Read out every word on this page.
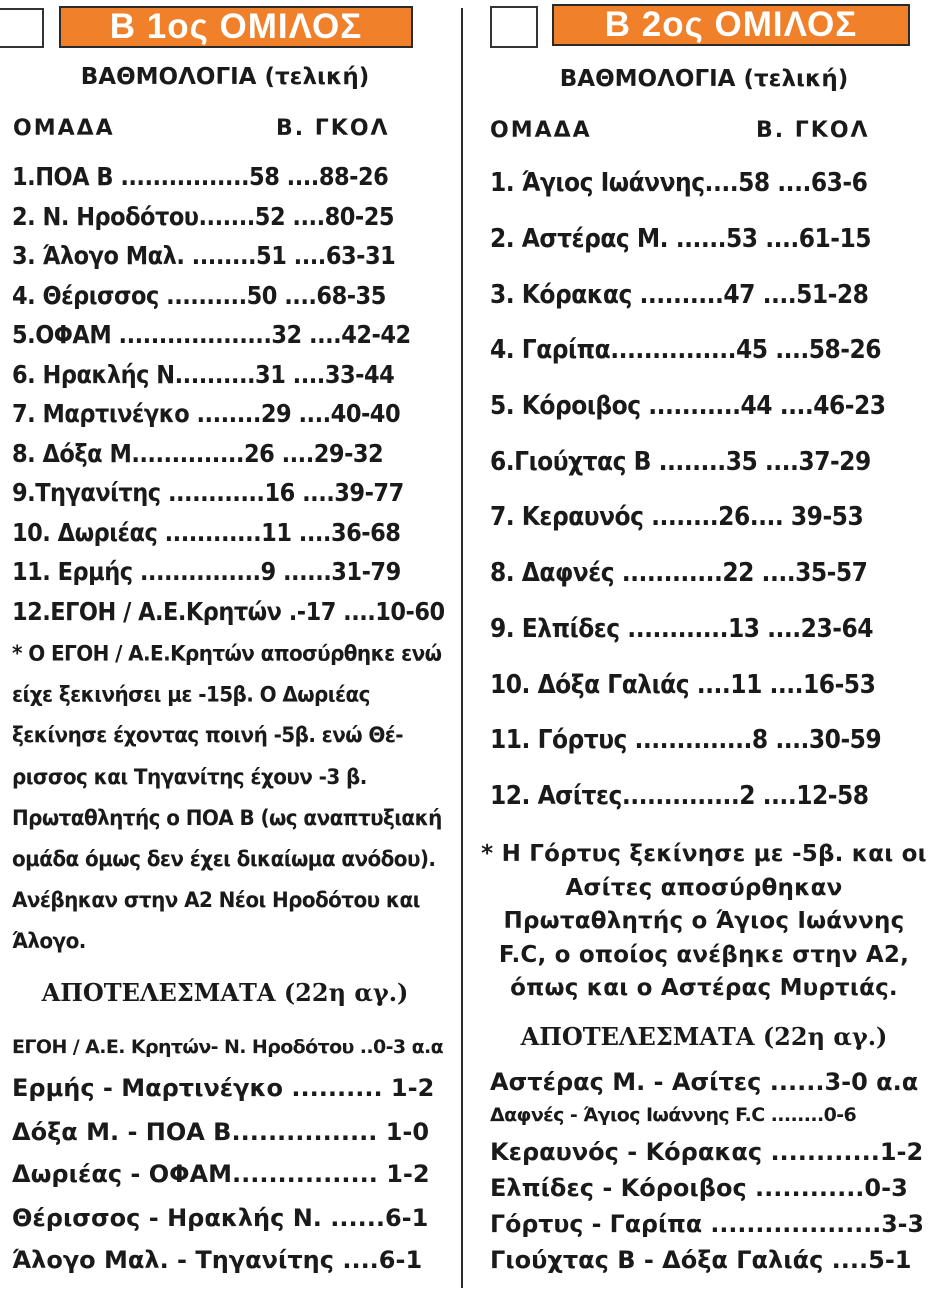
Β 1ος ΟΜΙΛΟΣ
ΒΑΘΜΟΛΟΓΙΑ (τελική)
ΟΜΑΔΑ	Β. ΓΚΟΛ
1.ΠΟΑ Β ................58 ....88-26
2. Ν. Ηροδότου.......52 ....80-25
3. Άλογο Μαλ. ........51 ....63-31
4. Θέρισσος ..........50 ....68-35
5.ΟΦΑΜ ...................32 ....42-42
6. Ηρακλής Ν..........31 ....33-44
7. Μαρτινέγκο ........29 ....40-40
8. Δόξα Μ..............26 ....29-32
9.Τηγανίτης ............16 ....39-77
10. Δωριέας ............11 ....36-68
11. Ερμής ...............9 ......31-79
12.ΕΓΟΗ / Α.Ε.Κρητών .-17 ....10-60
* Ο ΕΓΟΗ / Α.Ε.Κρητών αποσύρθηκε ενώ είχε ξεκινήσει με -15β. Ο Δωριέας ξεκίνησε έχοντας ποινή -5β. ενώ Θέ-ρισσος και Τηγανίτης έχουν -3 β. Πρωταθλητής ο ΠΟΑ Β (ως αναπτυξιακή ομάδα όμως δεν έχει δικαίωμα ανόδου). Ανέβηκαν στην Α2 Νέοι Ηροδότου και Άλογο.
ΑΠΟΤΕΛΕΣΜΑΤΑ (22η αγ.)
ΕΓΟΗ / Α.Ε. Κρητών- Ν. Ηροδότου ..0-3 α.α
Ερμής - Μαρτινέγκο .......... 1-2
Δόξα Μ. - ΠΟΑ Β................ 1-0
Δωριέας - ΟΦΑΜ................ 1-2
Θέρισσος - Ηρακλής Ν. ......6-1
Άλογο Μαλ. - Τηγανίτης ....6-1
Β 2ος ΟΜΙΛΟΣ
ΒΑΘΜΟΛΟΓΙΑ (τελική)
ΟΜΑΔΑ	Β. ΓΚΟΛ
1. Άγιος Ιωάννης....58 ....63-6
2. Αστέρας Μ. ......53 ....61-15
3. Κόρακας ..........47 ....51-28
4. Γαρίπα...............45 ....58-26
5. Κόροιβος ...........44 ....46-23
6.Γιούχτας Β ........35 ....37-29
7. Κεραυνός ........26.... 39-53
8. Δαφνές ............22 ....35-57
9. Ελπίδες ............13 ....23-64
10. Δόξα Γαλιάς ....11 ....16-53
11. Γόρτυς ..............8 ....30-59
12. Ασίτες..............2 ....12-58
* Η Γόρτυς ξεκίνησε με -5β. και οι Ασίτες αποσύρθηκαν Πρωταθλητής ο Άγιος Ιωάννης F.C, ο οποίος ανέβηκε στην Α2, όπως και ο Αστέρας Μυρτιάς.
ΑΠΟΤΕΛΕΣΜΑΤΑ (22η αγ.)
Αστέρας Μ. - Ασίτες ......3-0 α.α
Δαφνές - Άγιος Ιωάννης F.C ........0-6
Κεραυνός - Κόρακας ............1-2
Ελπίδες - Κόροιβος ............0-3
Γόρτυς - Γαρίπα ...................3-3
Γιούχτας Β - Δόξα Γαλιάς ....5-1
